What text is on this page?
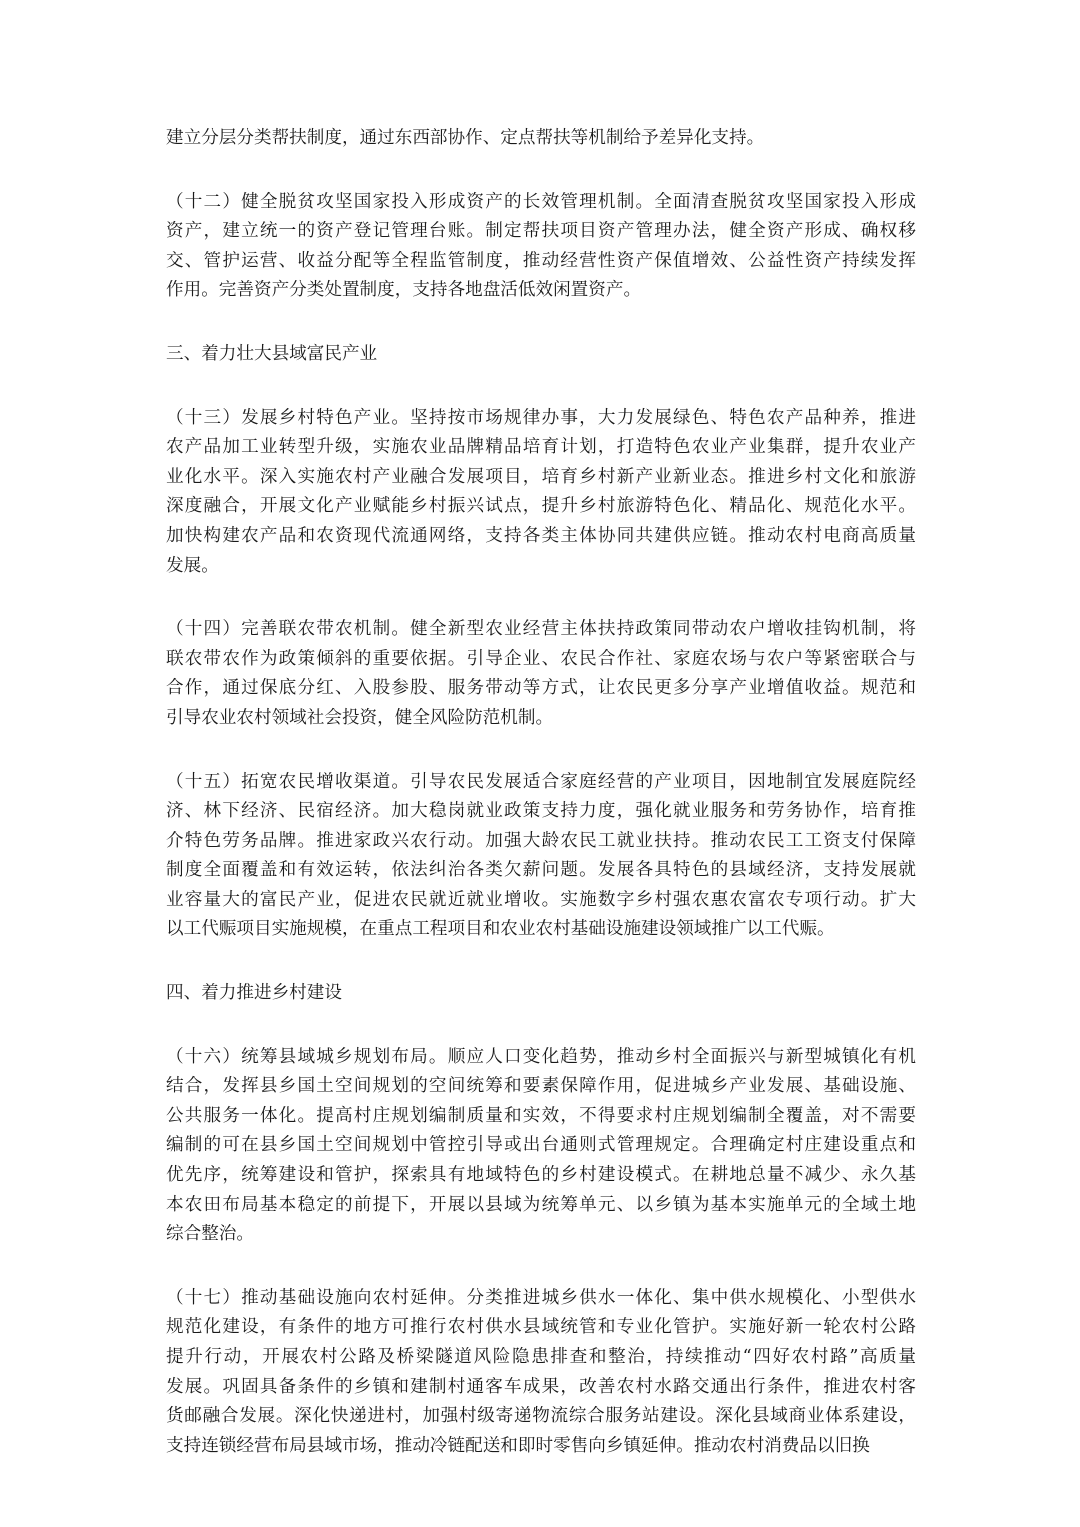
建立分层分类帮扶制度，通过东西部协作、定点帮扶等机制给予差异化支持。
（十二）健全脱贫攻坚国家投入形成资产的长效管理机制。全面清查脱贫攻坚国家投入形成
资产，建立统一的资产登记管理台账。制定帮扶项目资产管理办法，健全资产形成、确权移
交、管护运营、收益分配等全程监管制度，推动经营性资产保值增效、公益性资产持续发挥
作用。完善资产分类处置制度，支持各地盘活低效闲置资产。
三、着力壮大县域富民产业
（十三）发展乡村特色产业。坚持按市场规律办事，大力发展绿色、特色农产品种养，推进
农产品加工业转型升级，实施农业品牌精品培育计划，打造特色农业产业集群，提升农业产
业化水平。深入实施农村产业融合发展项目，培育乡村新产业新业态。推进乡村文化和旅游
深度融合，开展文化产业赋能乡村振兴试点，提升乡村旅游特色化、精品化、规范化水平。
加快构建农产品和农资现代流通网络，支持各类主体协同共建供应链。推动农村电商高质量
发展。
（十四）完善联农带农机制。健全新型农业经营主体扶持政策同带动农户增收挂钩机制，将
联农带农作为政策倾斜的重要依据。引导企业、农民合作社、家庭农场与农户等紧密联合与
合作，通过保底分红、入股参股、服务带动等方式，让农民更多分享产业增值收益。规范和
引导农业农村领域社会投资，健全风险防范机制。
（十五）拓宽农民增收渠道。引导农民发展适合家庭经营的产业项目，因地制宜发展庭院经
济、林下经济、民宿经济。加大稳岗就业政策支持力度，强化就业服务和劳务协作，培育推
介特色劳务品牌。推进家政兴农行动。加强大龄农民工就业扶持。推动农民工工资支付保障
制度全面覆盖和有效运转，依法纠治各类欠薪问题。发展各具特色的县域经济，支持发展就
业容量大的富民产业，促进农民就近就业增收。实施数字乡村强农惠农富农专项行动。扩大
以工代赈项目实施规模，在重点工程项目和农业农村基础设施建设领域推广以工代赈。
四、着力推进乡村建设
（十六）统筹县域城乡规划布局。顺应人口变化趋势，推动乡村全面振兴与新型城镇化有机
结合，发挥县乡国土空间规划的空间统筹和要素保障作用，促进城乡产业发展、基础设施、
公共服务一体化。提高村庄规划编制质量和实效，不得要求村庄规划编制全覆盖，对不需要
编制的可在县乡国土空间规划中管控引导或出台通则式管理规定。合理确定村庄建设重点和
优先序，统筹建设和管护，探索具有地域特色的乡村建设模式。在耕地总量不减少、永久基
本农田布局基本稳定的前提下，开展以县域为统筹单元、以乡镇为基本实施单元的全域土地
综合整治。
（十七）推动基础设施向农村延伸。分类推进城乡供水一体化、集中供水规模化、小型供水
规范化建设，有条件的地方可推行农村供水县域统管和专业化管护。实施好新一轮农村公路
提升行动，开展农村公路及桥梁隧道风险隐患排查和整治，持续推动“四好农村路”高质量
发展。巩固具备条件的乡镇和建制村通客车成果，改善农村水路交通出行条件，推进农村客
货邮融合发展。深化快递进村，加强村级寄递物流综合服务站建设。深化县域商业体系建设，
支持连锁经营布局县域市场，推动冷链配送和即时零售向乡镇延伸。推动农村消费品以旧换
